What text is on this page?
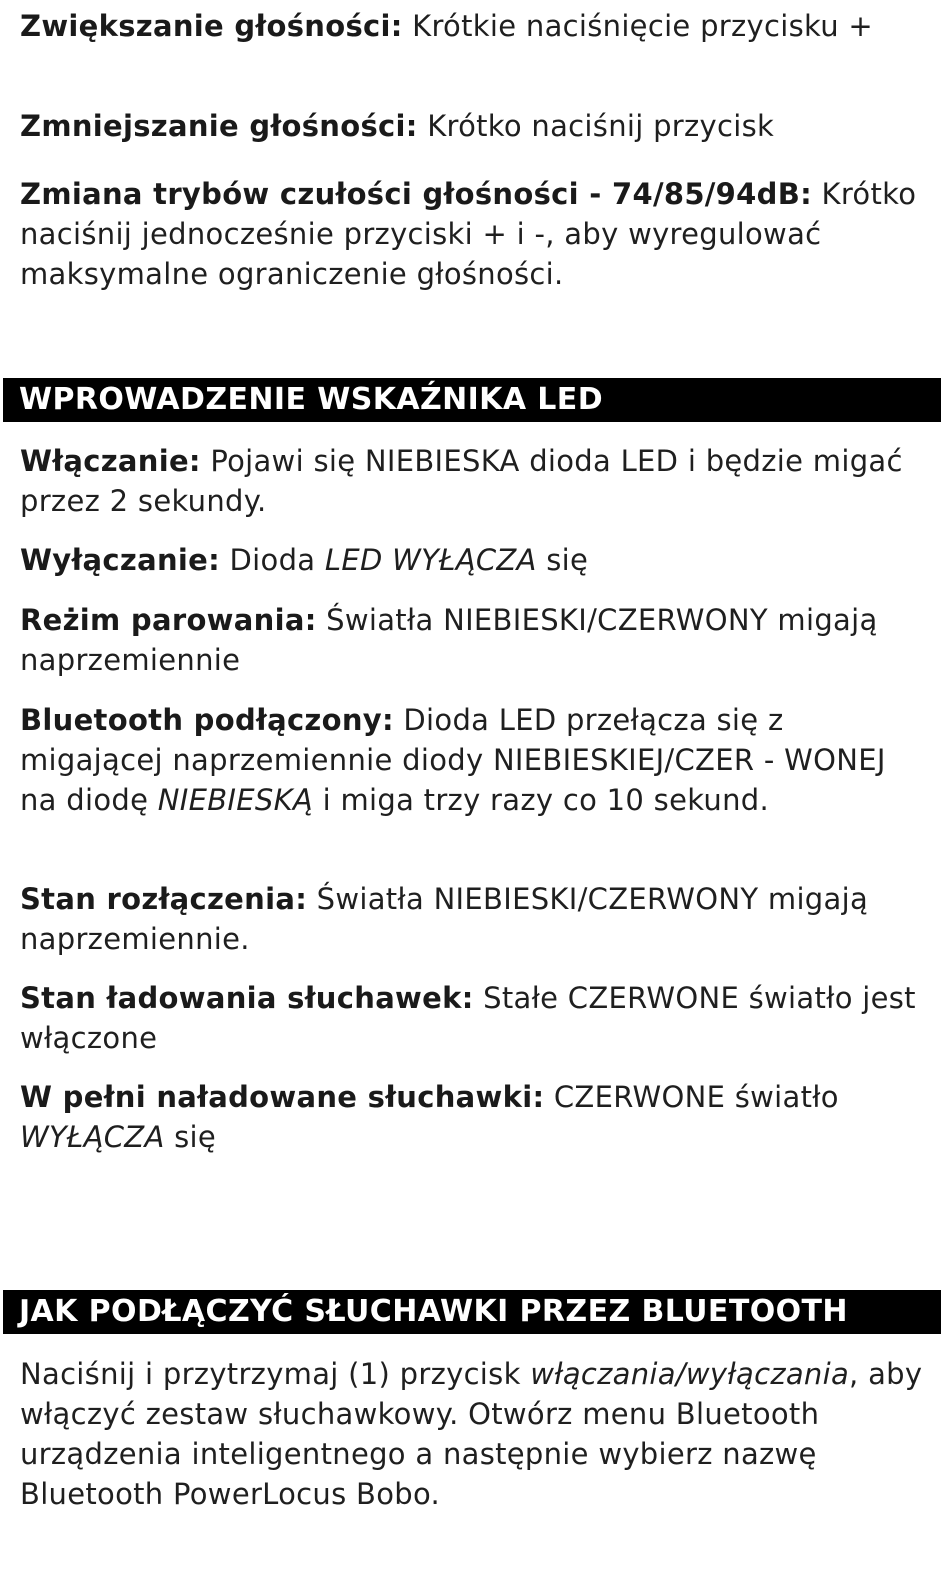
Zwiększanie głośności: Krótkie naciśnięcie przycisku +

Zmniejszanie głośności: Krótko naciśnij przycisk

Zmiana trybów czułości głośności - 74/85/94dB: Krótko naciśnij jednocześnie przyciski + i -, aby wyregulować maksymalne ograniczenie głośności.

WPROWADZENIE WSKAŹNIKA LED

Włączanie: Pojawi się NIEBIESKA dioda LED i będzie migać przez 2 sekundy.

Wyłączanie: Dioda LED WYŁĄCZA się

Reżim parowania: Światła NIEBIESKI/CZERWONY migają naprzemiennie

Bluetooth podłączony: Dioda LED przełącza się z migającej naprzemiennie diody NIEBIESKIEJ/CZER - WONEJ na diodę NIEBIESKĄ i miga trzy razy co 10 sekund.

Stan rozłączenia: Światła NIEBIESKI/CZERWONY migają naprzemiennie.

Stan ładowania słuchawek: Stałe CZERWONE światło jest włączone

W pełni naładowane słuchawki: CZERWONE światło WYŁĄCZA się

JAK PODŁĄCZYĆ SŁUCHAWKI PRZEZ BLUETOOTH

Naciśnij i przytrzymaj (1) przycisk włączania/wyłączania, aby włączyć zestaw słuchawkowy. Otwórz menu Bluetooth urządzenia inteligentnego a następnie wybierz nazwę Bluetooth PowerLocus Bobo.
